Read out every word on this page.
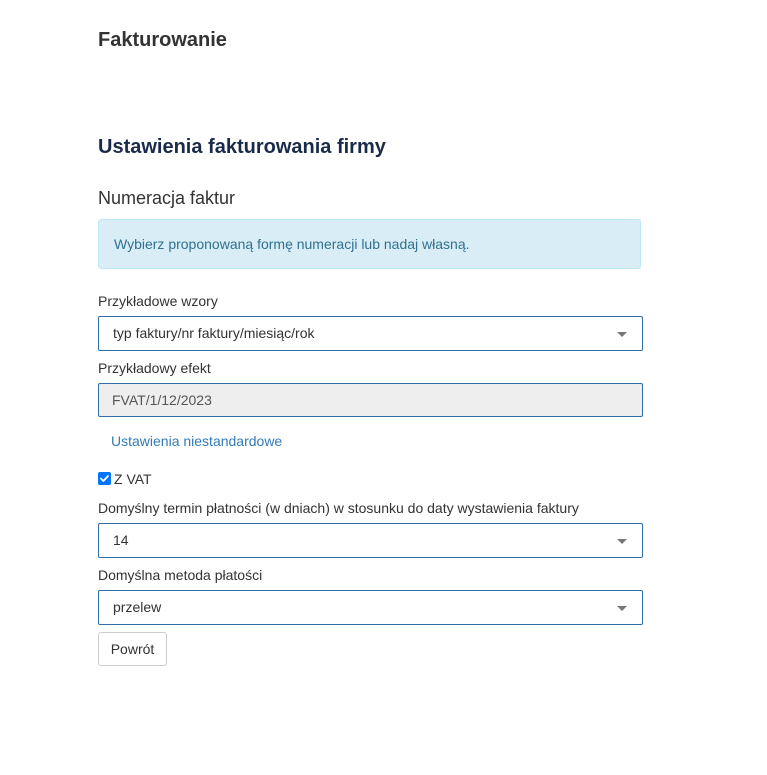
Fakturowanie
Ustawienia fakturowania firmy
Numeracja faktur
Wybierz proponowaną formę numeracji lub nadaj własną.
Przykładowe wzory
typ faktury/nr faktury/miesiąc/rok
Przykładowy efekt
FVAT/1/12/2023
Ustawienia niestandardowe
Z VAT
Domyślny termin płatności (w dniach) w stosunku do daty wystawienia faktury
14
Domyślna metoda płatości
przelew
Powrót
